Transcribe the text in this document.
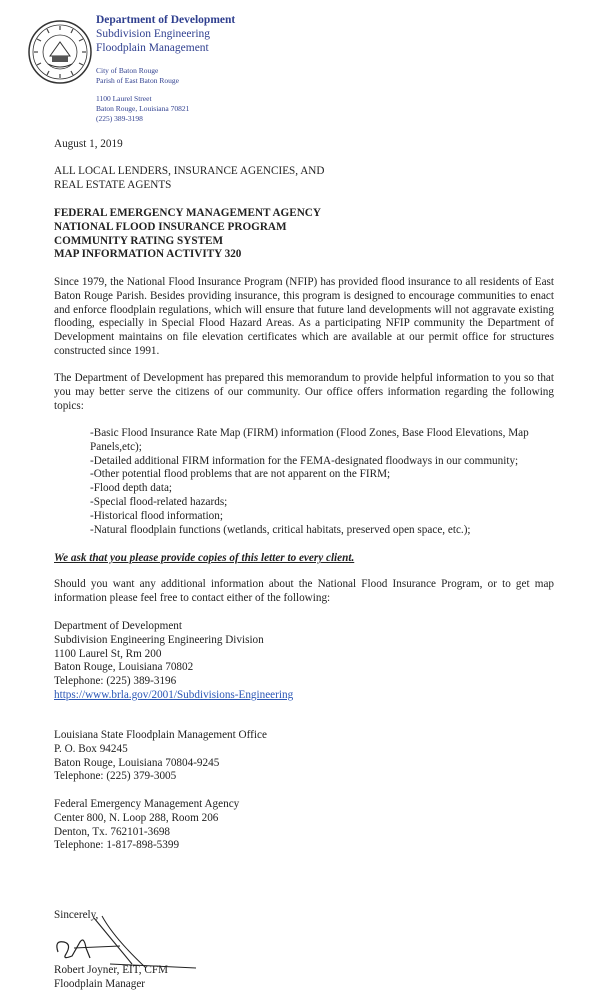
Department of Development
Subdivision Engineering
Floodplain Management
City of Baton Rouge
Parish of East Baton Rouge
1100 Laurel Street
Baton Rouge, Louisiana 70821
(225) 389-3198
August 1, 2019
ALL LOCAL LENDERS, INSURANCE AGENCIES, AND
REAL ESTATE AGENTS
FEDERAL EMERGENCY MANAGEMENT AGENCY
NATIONAL FLOOD INSURANCE PROGRAM
COMMUNITY RATING SYSTEM
MAP INFORMATION ACTIVITY 320
Since 1979, the National Flood Insurance Program (NFIP) has provided flood insurance to all residents of East Baton Rouge Parish. Besides providing insurance, this program is designed to encourage communities to enact and enforce floodplain regulations, which will ensure that future land developments will not aggravate existing flooding, especially in Special Flood Hazard Areas. As a participating NFIP community the Department of Development maintains on file elevation certificates which are available at our permit office for structures constructed since 1991.
The Department of Development has prepared this memorandum to provide helpful information to you so that you may better serve the citizens of our community. Our office offers information regarding the following topics:
-Basic Flood Insurance Rate Map (FIRM) information (Flood Zones, Base Flood Elevations, Map Panels,etc);
-Detailed additional FIRM information for the FEMA-designated floodways in our community;
-Other potential flood problems that are not apparent on the FIRM;
-Flood depth data;
-Special flood-related hazards;
-Historical flood information;
-Natural floodplain functions (wetlands, critical habitats, preserved open space, etc.);
We ask that you please provide copies of this letter to every client.
Should you want any additional information about the National Flood Insurance Program, or to get map information please feel free to contact either of the following:
Department of Development
Subdivision Engineering Engineering Division
1100 Laurel St, Rm 200
Baton Rouge, Louisiana 70802
Telephone: (225) 389-3196
https://www.brla.gov/2001/Subdivisions-Engineering
Louisiana State Floodplain Management Office
P. O. Box 94245
Baton Rouge, Louisiana 70804-9245
Telephone: (225) 379-3005
Federal Emergency Management Agency
Center 800, N. Loop 288, Room 206
Denton, Tx. 762101-3698
Telephone: 1-817-898-5399
Sincerely,
Robert Joyner, EIT, CFM
Floodplain Manager
